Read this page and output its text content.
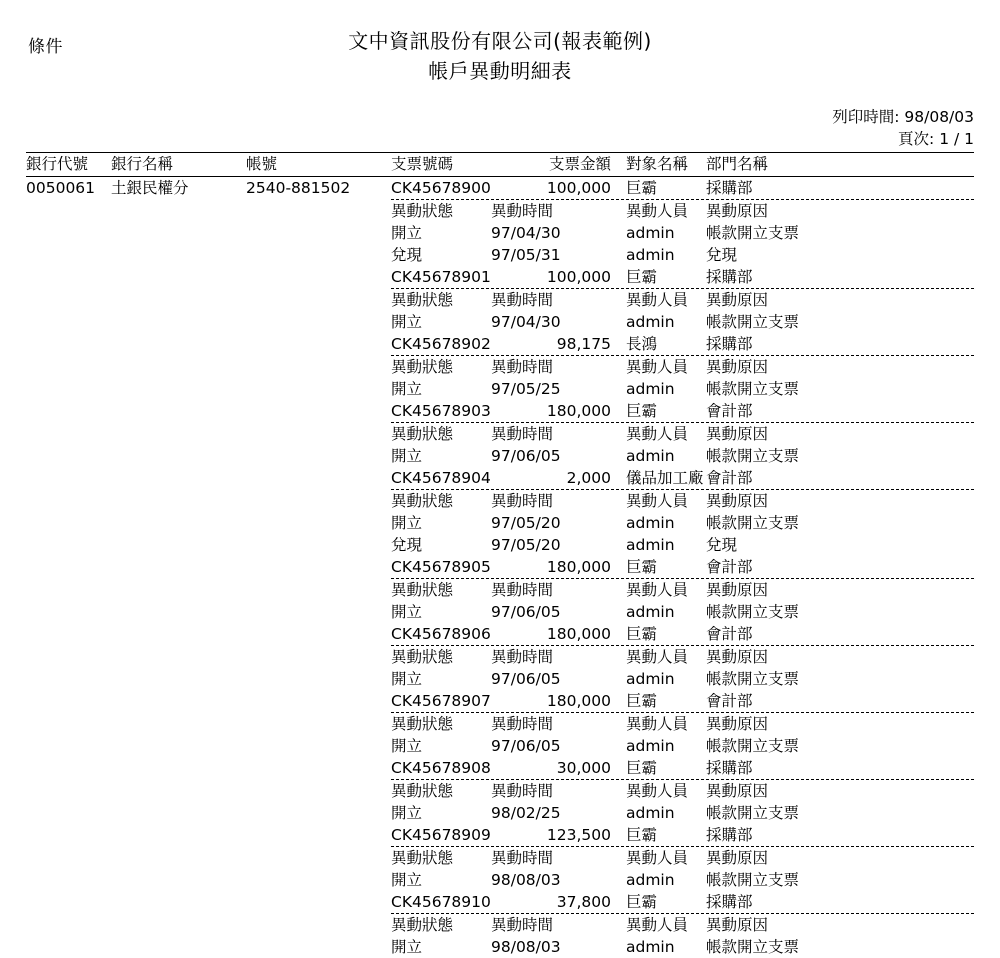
條件	文中資訊股份有限公司(報表範例)
帳戶異動明細表
列印時間: 98/08/03
頁次: 1 / 1
銀行代號 銀行名稱	帳號	支票號碼	支票金額 對象名稱 部門名稱
0050061 土銀民權分	2540-881502	CK45678900	100,000 巨霸	採購部
異動狀態 異動時間	異動人員 異動原因
開立	97/04/30	admin 帳款開立支票
兌現	97/05/31	admin 兌現
CK45678901	100,000 巨霸	採購部
異動狀態 異動時間	異動人員 異動原因
開立	97/04/30	admin 帳款開立支票
CK45678902	98,175 長鴻	採購部
異動狀態 異動時間	異動人員 異動原因
開立	97/05/25	admin 帳款開立支票
CK45678903	180,000 巨霸	會計部
異動狀態 異動時間	異動人員 異動原因
開立	97/06/05	admin 帳款開立支票
CK45678904	2,000 儀品加工廠 會計部
異動狀態 異動時間	異動人員 異動原因
開立	97/05/20	admin 帳款開立支票
兌現	97/05/20	admin 兌現
CK45678905	180,000 巨霸	會計部
異動狀態 異動時間	異動人員 異動原因
開立	97/06/05	admin 帳款開立支票
CK45678906	180,000 巨霸	會計部
異動狀態 異動時間	異動人員 異動原因
開立	97/06/05	admin 帳款開立支票
CK45678907	180,000 巨霸	會計部
異動狀態 異動時間	異動人員 異動原因
開立	97/06/05	admin 帳款開立支票
CK45678908	30,000 巨霸	採購部
異動狀態 異動時間	異動人員 異動原因
開立	98/02/25	admin 帳款開立支票
CK45678909	123,500 巨霸	採購部
異動狀態 異動時間	異動人員 異動原因
開立	98/08/03	admin 帳款開立支票
CK45678910	37,800 巨霸	採購部
異動狀態 異動時間	異動人員 異動原因
開立	98/08/03	admin 帳款開立支票
